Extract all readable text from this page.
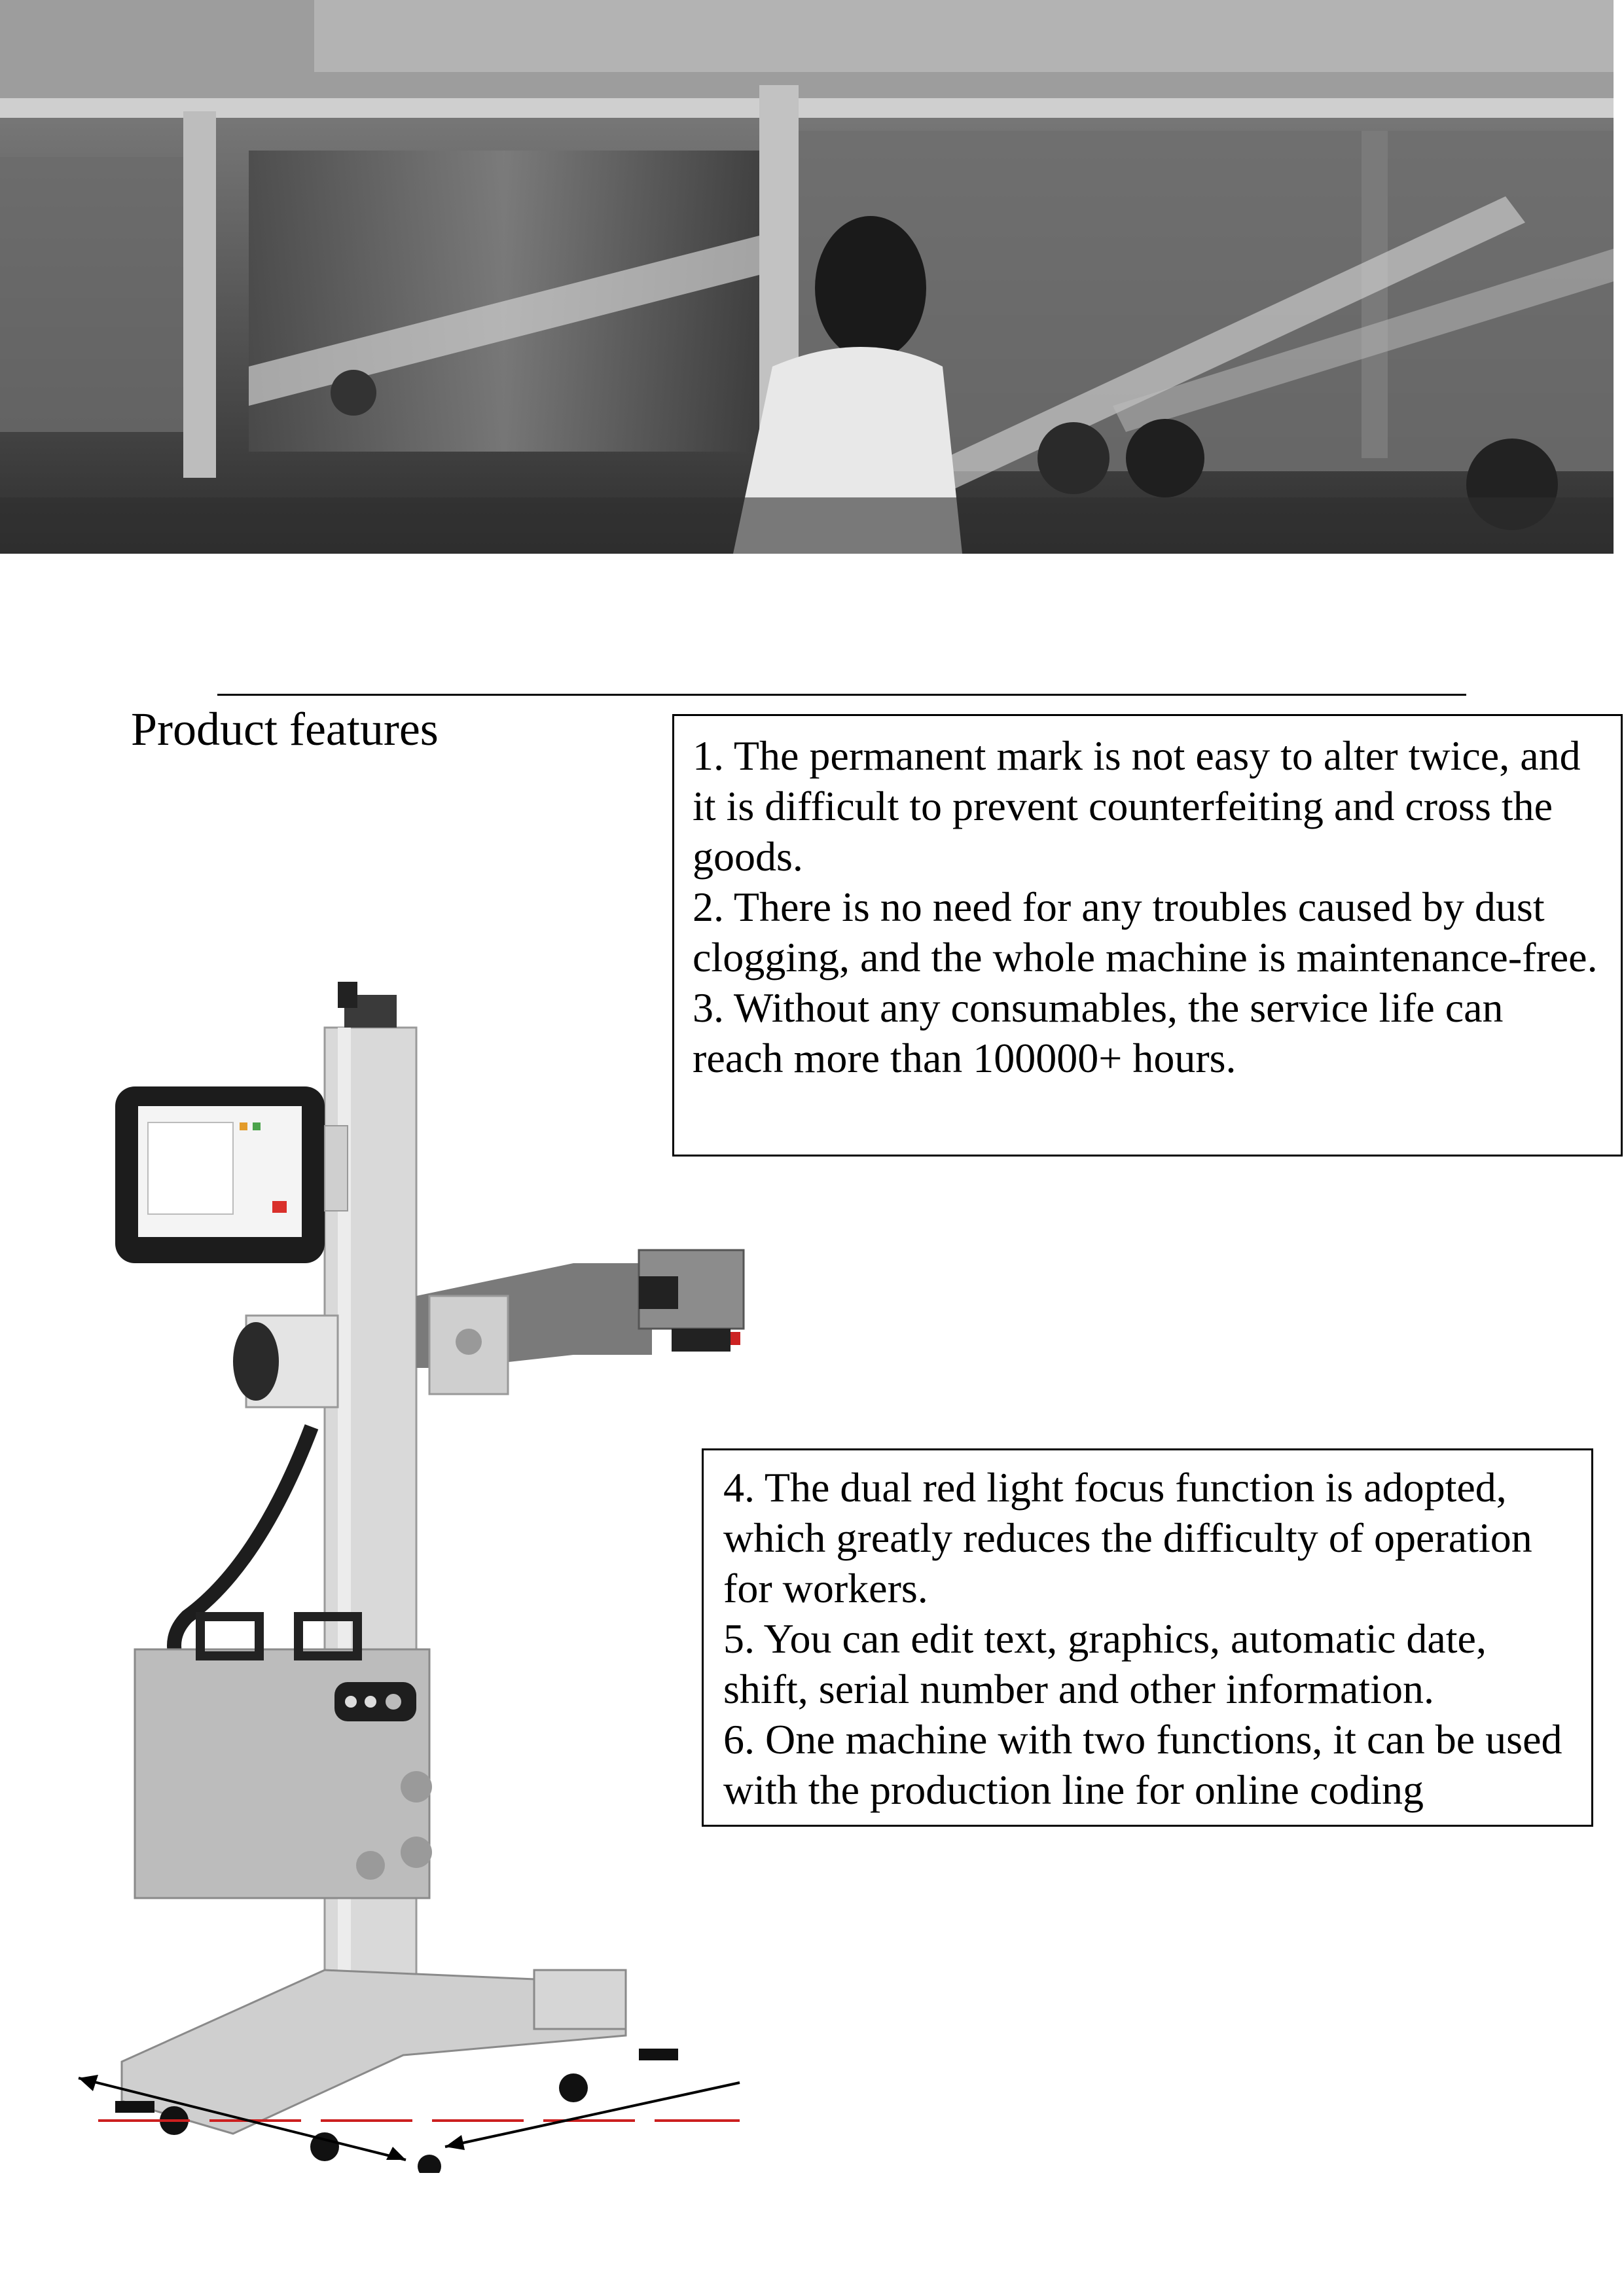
Product features

1. The permanent mark is not easy to alter twice, and it is difficult to prevent counterfeiting and cross the goods.

2. There is no need for any troubles caused by dust clogging, and the whole machine is maintenance-free.

3. Without any consumables, the service life can reach more than 100000+ hours.

4. The dual red light focus function is adopted, which greatly reduces the difficulty of operation for workers.

5. You can edit text, graphics, automatic date, shift, serial number and other information.

6. One machine with two functions, it can be used with the production line for online coding
